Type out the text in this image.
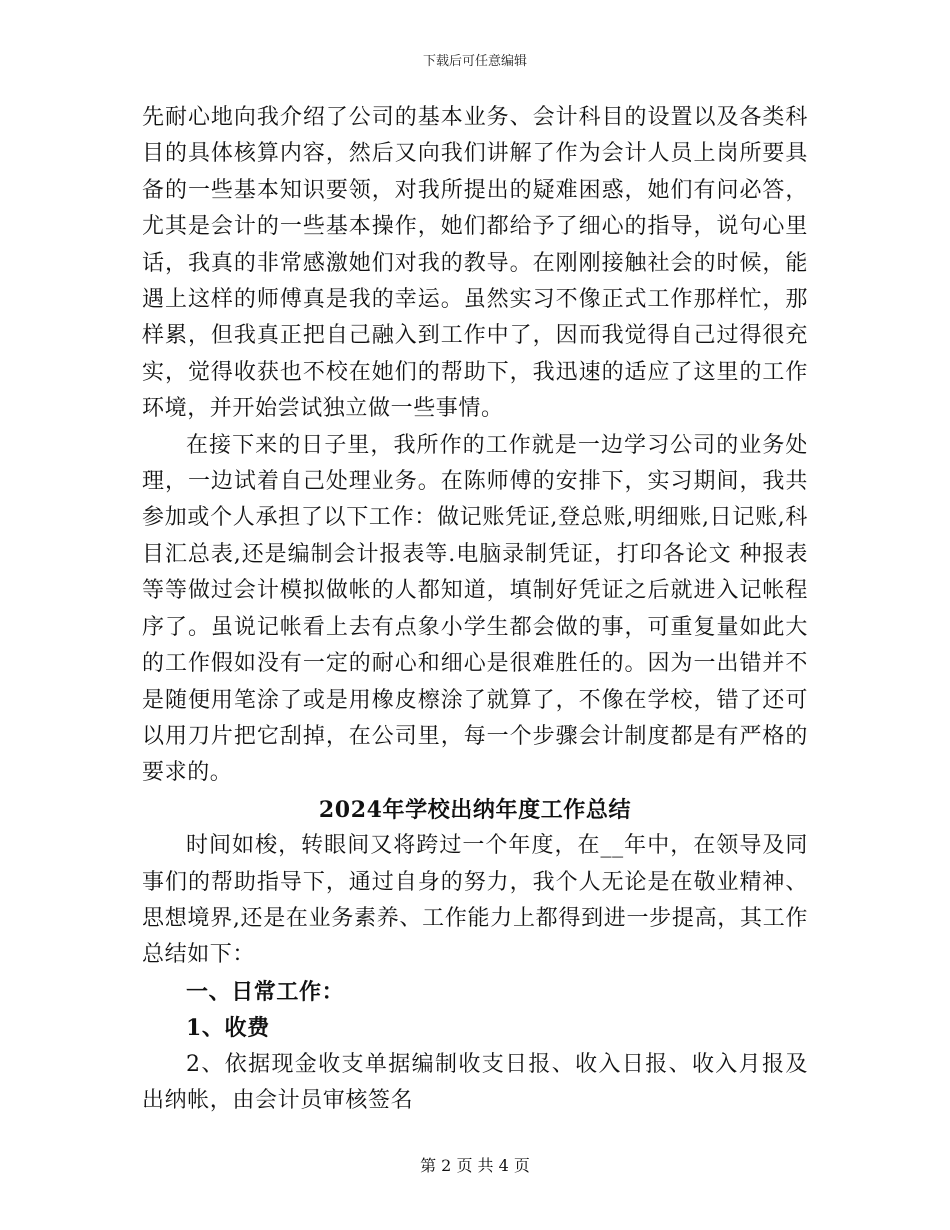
下载后可任意编辑

先耐心地向我介绍了公司的基本业务、会计科目的设置以及各类科目的具体核算内容，然后又向我们讲解了作为会计人员上岗所要具备的一些基本知识要领，对我所提出的疑难困惑，她们有问必答，尤其是会计的一些基本操作，她们都给予了细心的指导，说句心里话，我真的非常感激她们对我的教导。在刚刚接触社会的时候，能遇上这样的师傅真是我的幸运。虽然实习不像正式工作那样忙，那样累，但我真正把自己融入到工作中了，因而我觉得自己过得很充实，觉得收获也不校在她们的帮助下，我迅速的适应了这里的工作环境，并开始尝试独立做一些事情。

在接下来的日子里，我所作的工作就是一边学习公司的业务处理，一边试着自己处理业务。在陈师傅的安排下，实习期间，我共参加或个人承担了以下工作：做记账凭证,登总账,明细账,日记账,科目汇总表,还是编制会计报表等.电脑录制凭证，打印各论文 种报表等等做过会计模拟做帐的人都知道，填制好凭证之后就进入记帐程序了。虽说记帐看上去有点象小学生都会做的事，可重复量如此大的工作假如没有一定的耐心和细心是很难胜任的。因为一出错并不是随便用笔涂了或是用橡皮檫涂了就算了，不像在学校，错了还可以用刀片把它刮掉，在公司里，每一个步骤会计制度都是有严格的要求的。

2024年学校出纳年度工作总结

时间如梭，转眼间又将跨过一个年度，在__年中，在领导及同事们的帮助指导下，通过自身的努力，我个人无论是在敬业精神、思想境界,还是在业务素养、工作能力上都得到进一步提高，其工作总结如下：

一、日常工作：

1、收费

2、依据现金收支单据编制收支日报、收入日报、收入月报及出纳帐，由会计员审核签名

第 2 页 共 4 页
